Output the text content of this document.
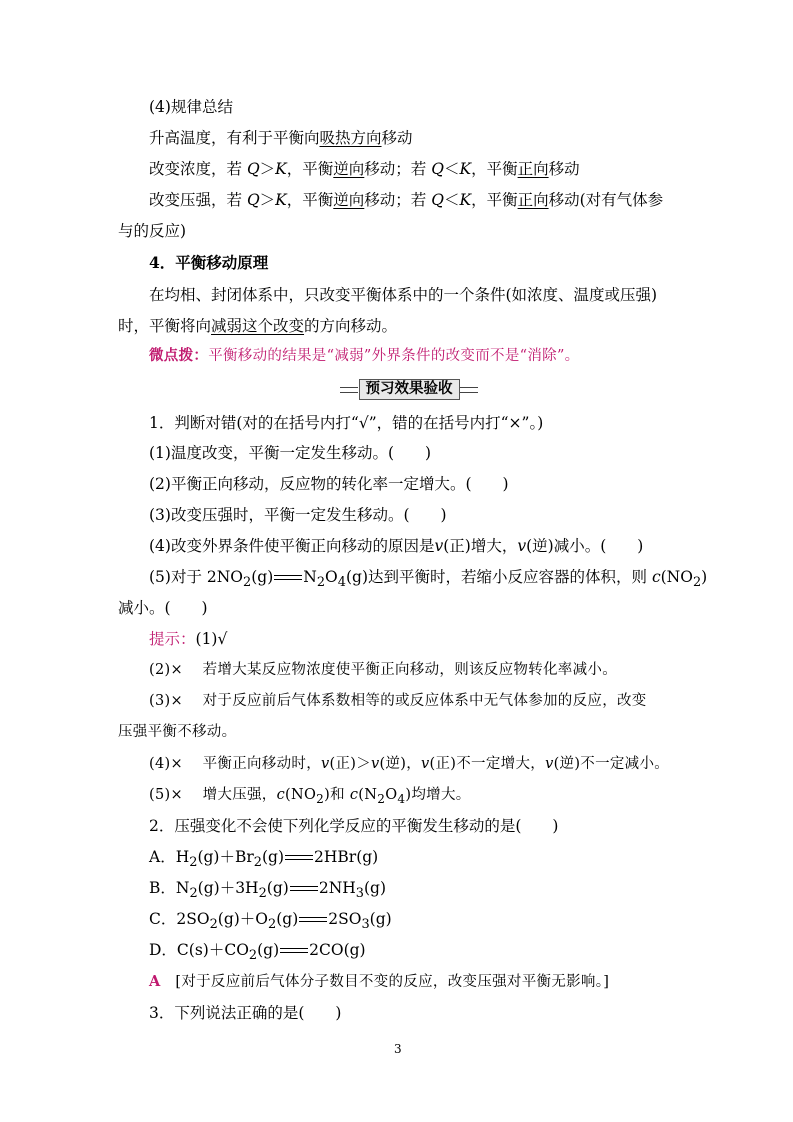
(4)规律总结
升高温度，有利于平衡向吸热方向移动
改变浓度，若 Q＞K，平衡逆向移动；若 Q＜K，平衡正向移动
改变压强，若 Q＞K，平衡逆向移动；若 Q＜K，平衡正向移动(对有气体参
与的反应)
4．平衡移动原理
在均相、封闭体系中，只改变平衡体系中的一个条件(如浓度、温度或压强)
时，平衡将向减弱这个改变的方向移动。
微点拨：平衡移动的结果是“减弱”外界条件的改变而不是“消除”。
预习效果验收
1．判断对错(对的在括号内打“√”，错的在括号内打“×”。)
(1)温度改变，平衡一定发生移动。(　　)
(2)平衡正向移动，反应物的转化率一定增大。(　　)
(3)改变压强时，平衡一定发生移动。(　　)
(4)改变外界条件使平衡正向移动的原因是v(正)增大，v(逆)减小。(　　)
(5)对于 $2NO_2(g)$ $N_2O_4(g)$达到平衡时，若缩小反应容器的体积，则 $c(NO_2)$
减小。(　　)
提示：(1)√
(2)×　 若增大某反应物浓度使平衡正向移动，则该反应物转化率减小。
(3)×　 对于反应前后气体系数相等的或反应体系中无气体参加的反应，改变
压强平衡不移动。
(4)×　 平衡正向移动时，v(正)＞v(逆)，v(正)不一定增大，v(逆)不一定减小。
(5)×　 增大压强，$c(NO_2)$和 $c(N_2O_4)$均增大。
2．压强变化不会使下列化学反应的平衡发生移动的是(　　)
A．$H_2(g)+Br_2(g)$ 2HBr(g)
B．$N_2(g)+3H_2(g)$ $2NH_3(g)$
C．$2SO_2(g)+O_2(g)$ $2SO_3(g)$
D．$C(s)+CO_2(g)$ 2CO(g)
A　 [对于反应前后气体分子数目不变的反应，改变压强对平衡无影响。]
3．下列说法正确的是(　　)
3
